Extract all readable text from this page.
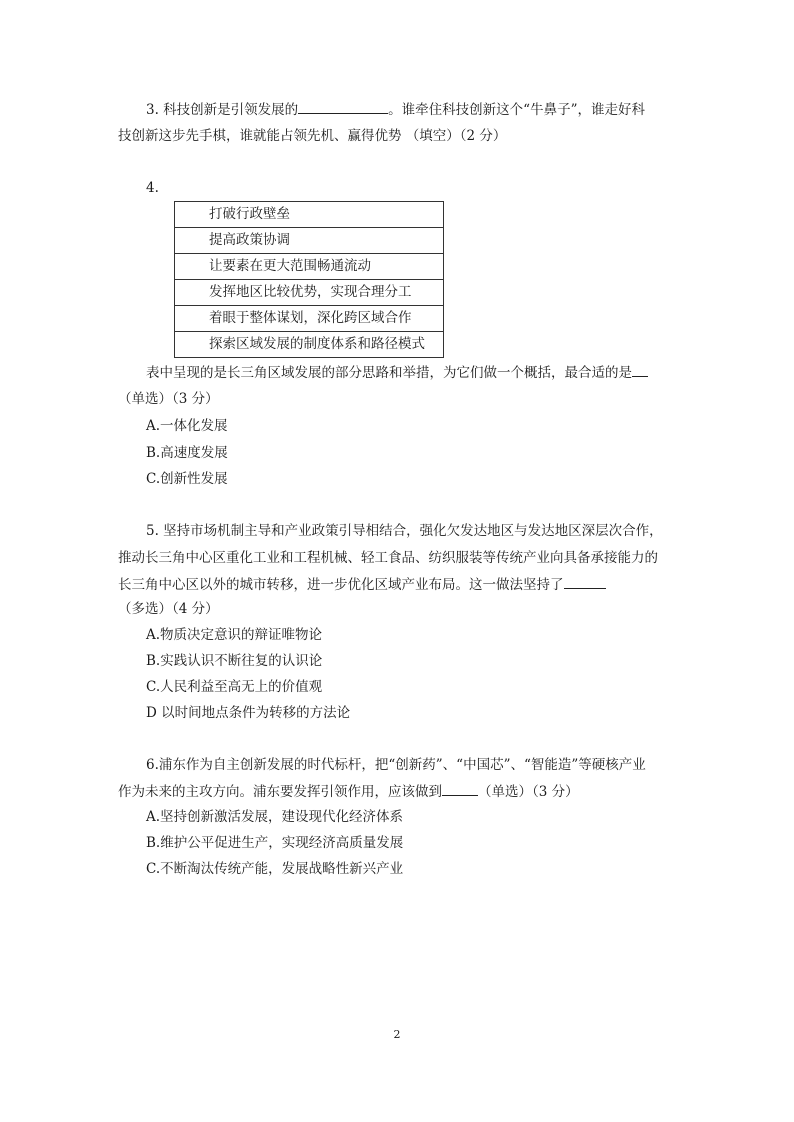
3. 科技创新是引领发展的	。谁牵住科技创新这个“牛鼻子”，谁走好科
技创新这步先手棋，谁就能占领先机、赢得优势 （填空）（2 分）
4.
打破行政壁垒
提高政策协调
让要素在更大范围畅通流动
发挥地区比较优势，实现合理分工
着眼于整体谋划，深化跨区域合作
探索区域发展的制度体系和路径模式
表中呈现的是长三角区域发展的部分思路和举措，为它们做一个概括，最合适的是
（单选）（3 分）
A.一体化发展
B.高速度发展
C.创新性发展
5. 坚持市场机制主导和产业政策引导相结合，强化欠发达地区与发达地区深层次合作，
推动长三角中心区重化工业和工程机械、轻工食品、纺织服装等传统产业向具备承接能力的
长三角中心区以外的城市转移，进一步优化区域产业布局。这一做法坚持了
（多选）（4 分）
A.物质决定意识的辩证唯物论
B.实践认识不断往复的认识论
C.人民利益至高无上的价值观
D 以时间地点条件为转移的方法论
6.浦东作为自主创新发展的时代标杆，把“创新药”、“中国芯”、“智能造”等硬核产业
作为未来的主攻方向。浦东要发挥引领作用，应该做到	（单选）（3 分）
A.坚持创新激活发展，建设现代化经济体系
B.维护公平促进生产，实现经济高质量发展
C.不断淘汰传统产能，发展战略性新兴产业
2
